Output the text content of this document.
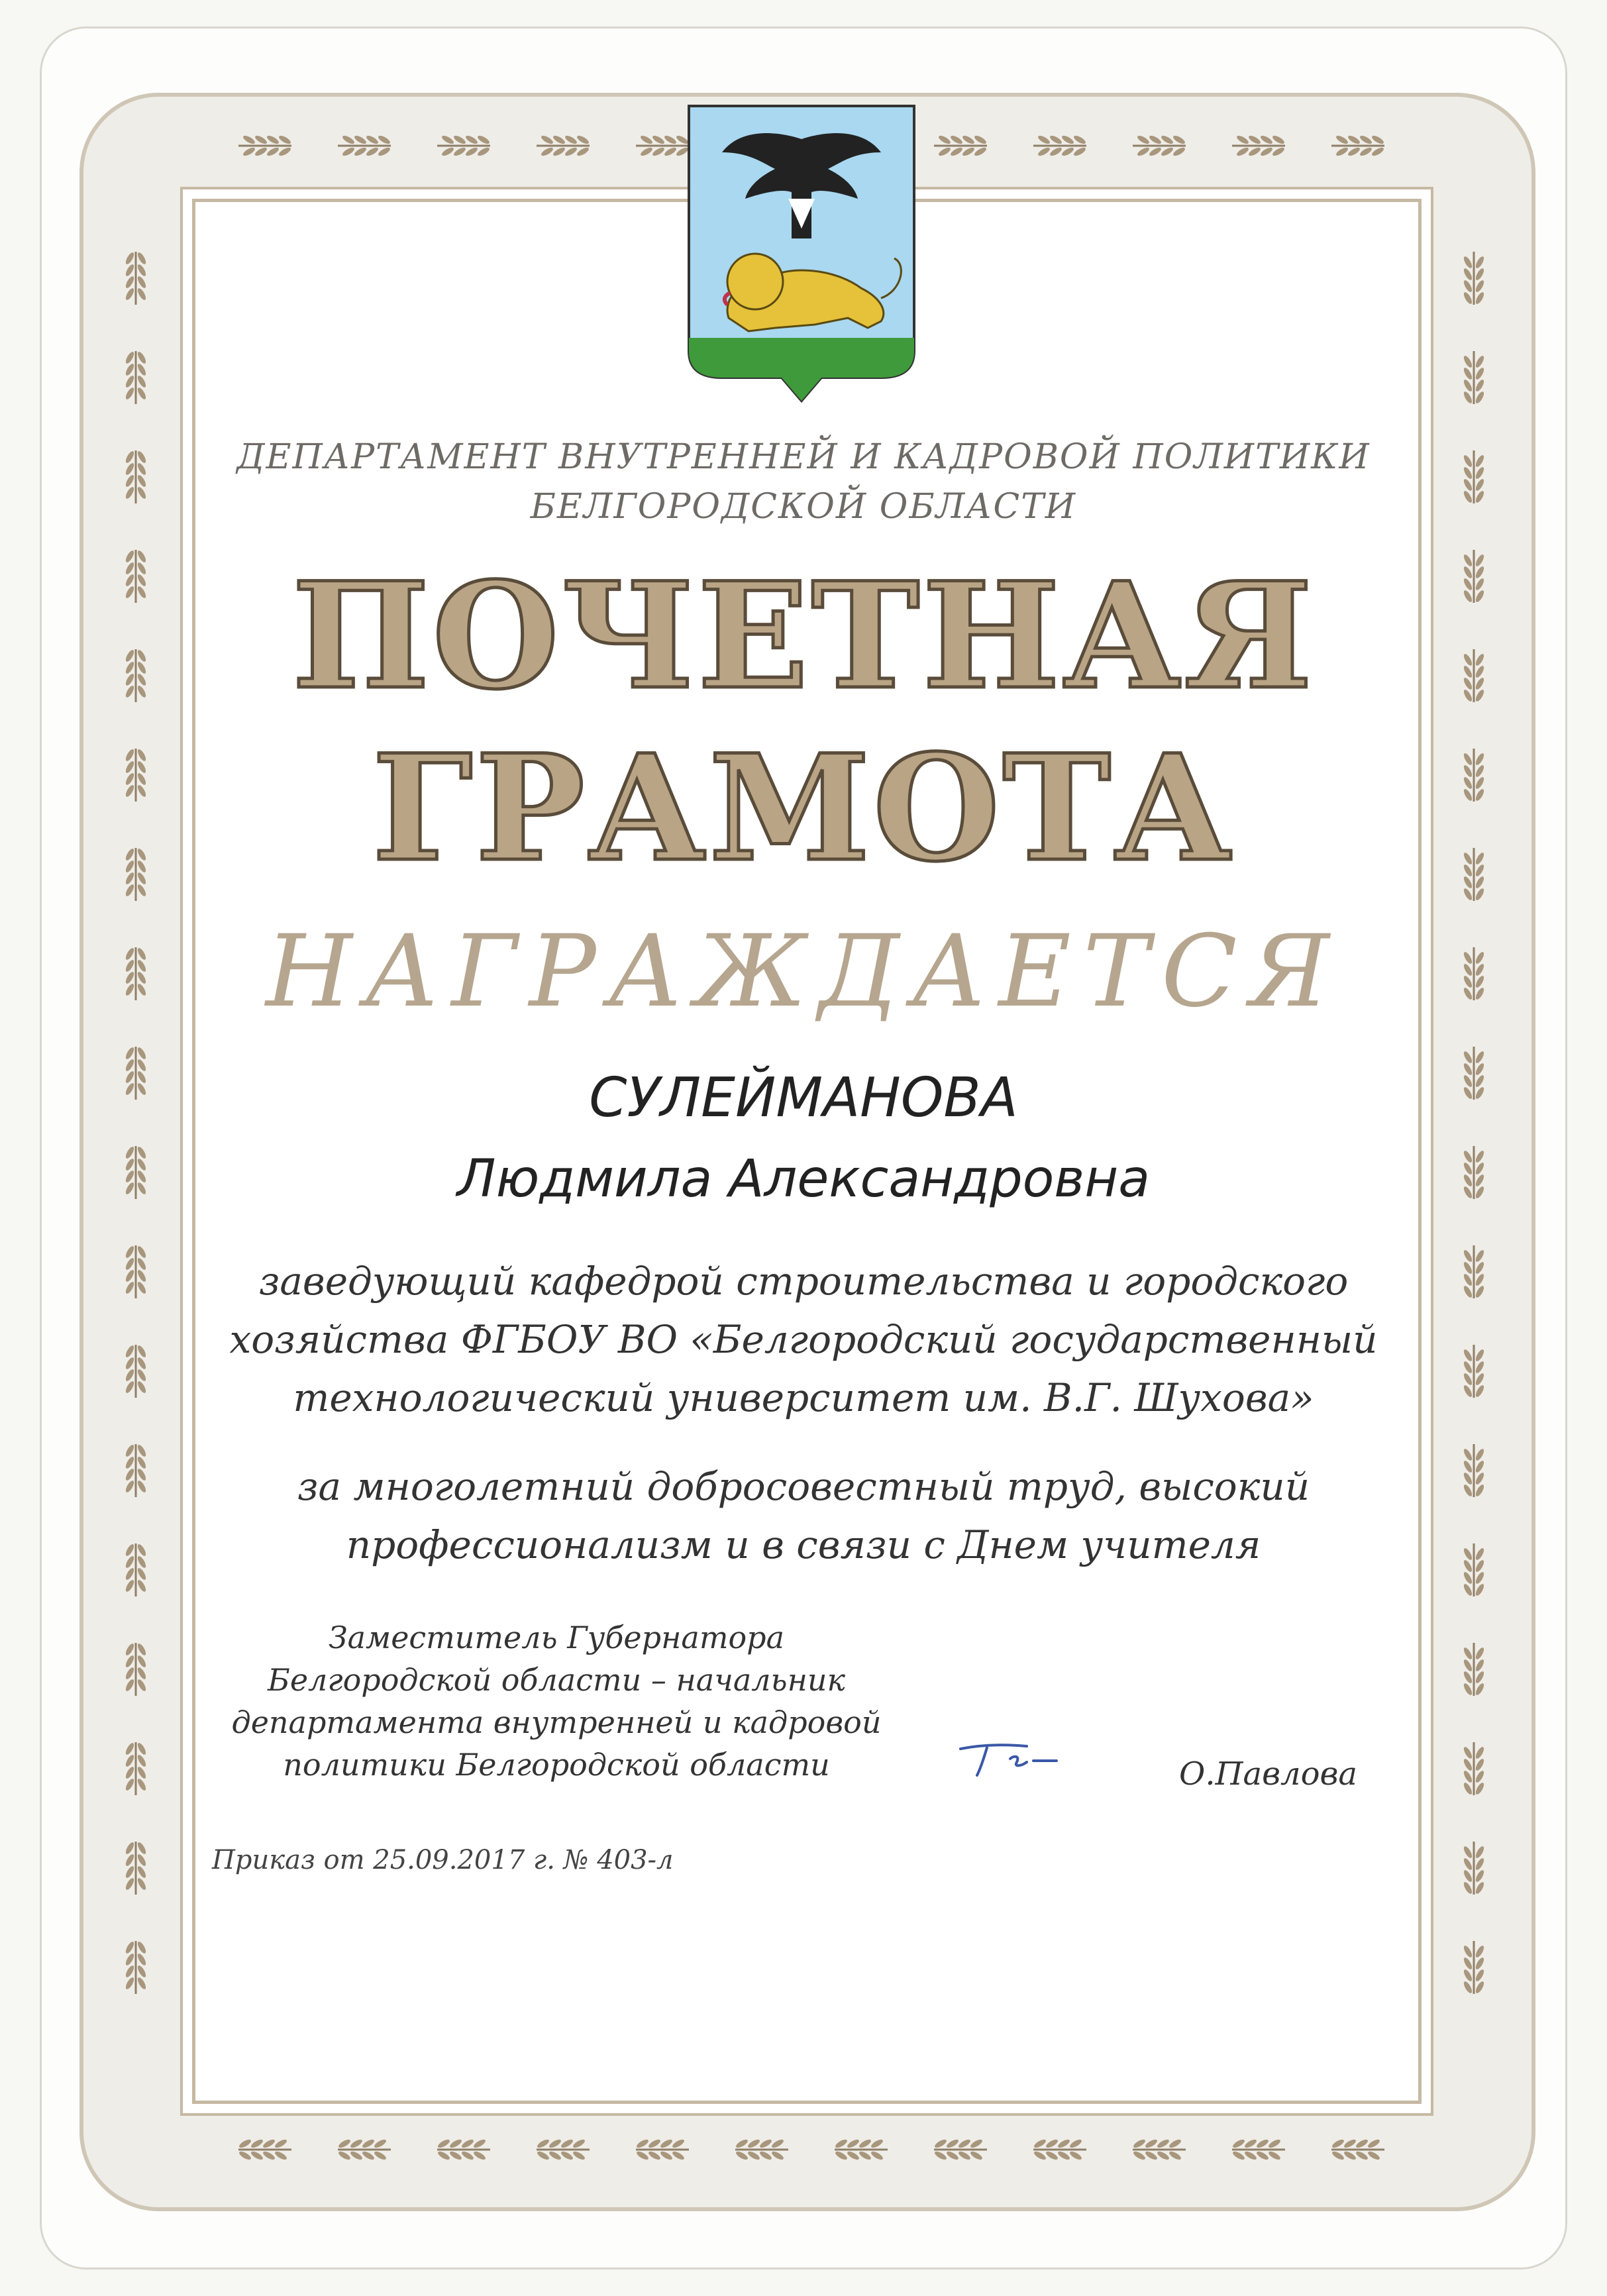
ДЕПАРТАМЕНТ ВНУТРЕННЕЙ И КАДРОВОЙ ПОЛИТИКИ
БЕЛГОРОДСКОЙ ОБЛАСТИ
ПОЧЕТНАЯ
ГРАМОТА
НАГРАЖДАЕТСЯ
СУЛЕЙМАНОВА
Людмила Александровна
заведующий кафедрой строительства и городского
хозяйства ФГБОУ ВО «Белгородский государственный
технологический университет им. В.Г. Шухова»
за многолетний добросовестный труд, высокий
профессионализм и в связи с Днем учителя
Заместитель Губернатора
Белгородской области – начальник
департамента внутренней и кадровой
политики Белгородской области	О.Павлова
Приказ от 25.09.2017 г. № 403-л
